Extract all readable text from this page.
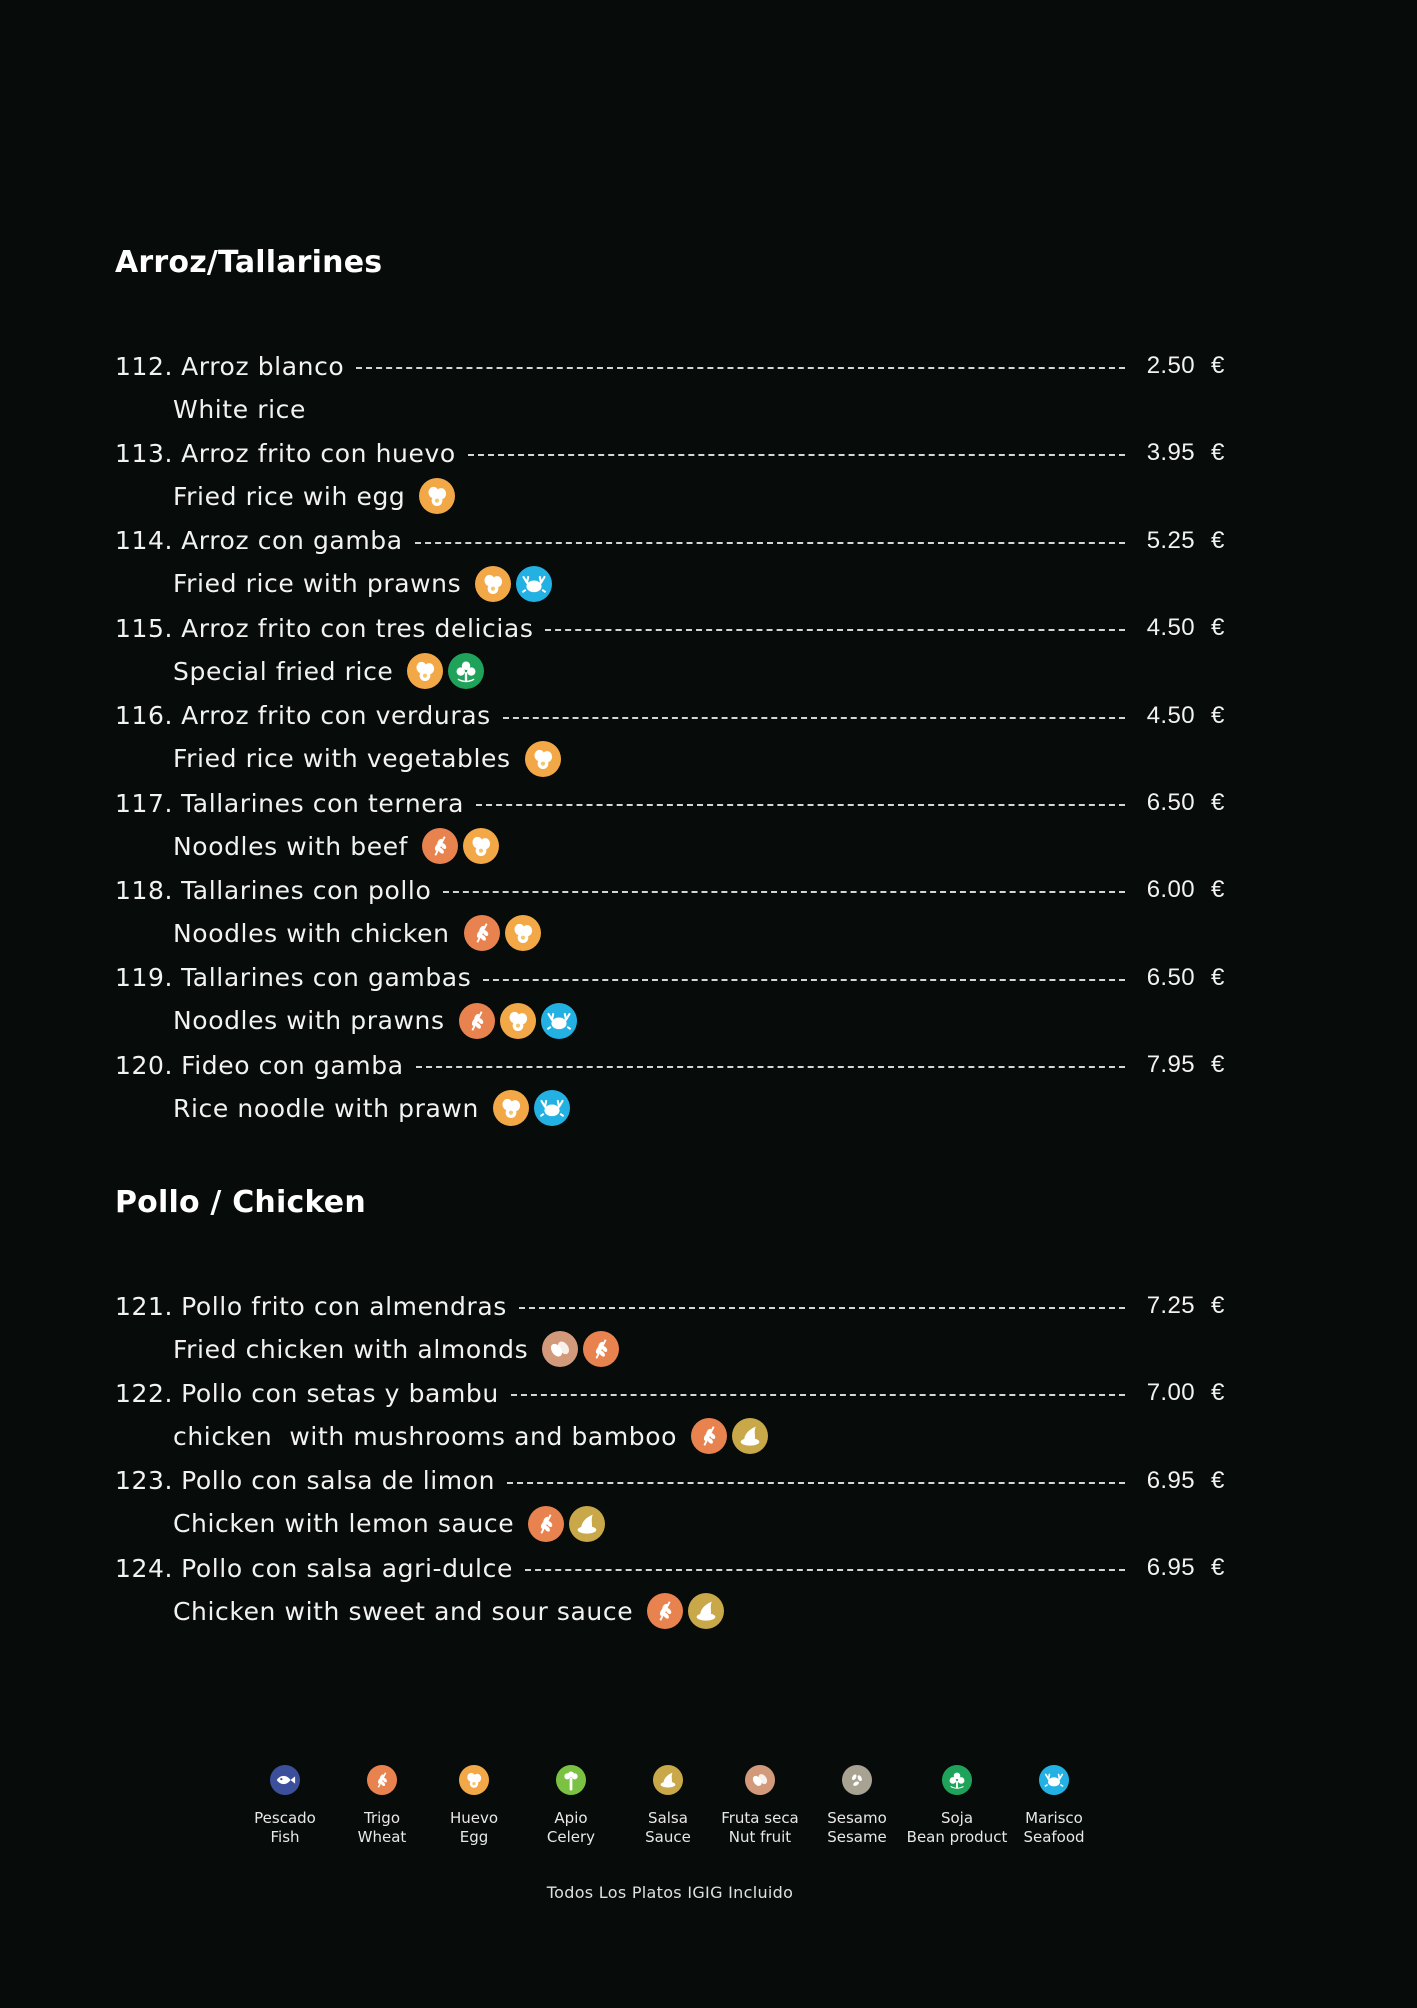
Arroz/Tallarines
112. Arroz blanco	2.50 €
White rice
113. Arroz frito con huevo	3.95 €
Fried rice wih egg
114. Arroz con gamba	5.25 €
Fried rice with prawns
115. Arroz frito con tres delicias	4.50 €
Special fried rice
116. Arroz frito con verduras	4.50 €
Fried rice with vegetables
117. Tallarines con ternera	6.50 €
Noodles with beef
118. Tallarines con pollo	6.00 €
Noodles with chicken
119. Tallarines con gambas	6.50 €
Noodles with prawns
120. Fideo con gamba	7.95 €
Rice noodle with prawn
Pollo / Chicken
121. Pollo frito con almendras	7.25 €
Fried chicken with almonds
122. Pollo con setas y bambu	7.00 €
chicken  with mushrooms and bamboo
123. Pollo con salsa de limon	6.95 €
Chicken with lemon sauce
124. Pollo con salsa agri-dulce	6.95 €
Chicken with sweet and sour sauce
Pescado
Fish
Trigo
Wheat
Huevo
Egg
Apio
Celery
Salsa
Sauce
Fruta seca
Nut fruit
Sesamo
Sesame
Soja
Bean product
Marisco
Seafood
Todos Los Platos IGIG Incluido
